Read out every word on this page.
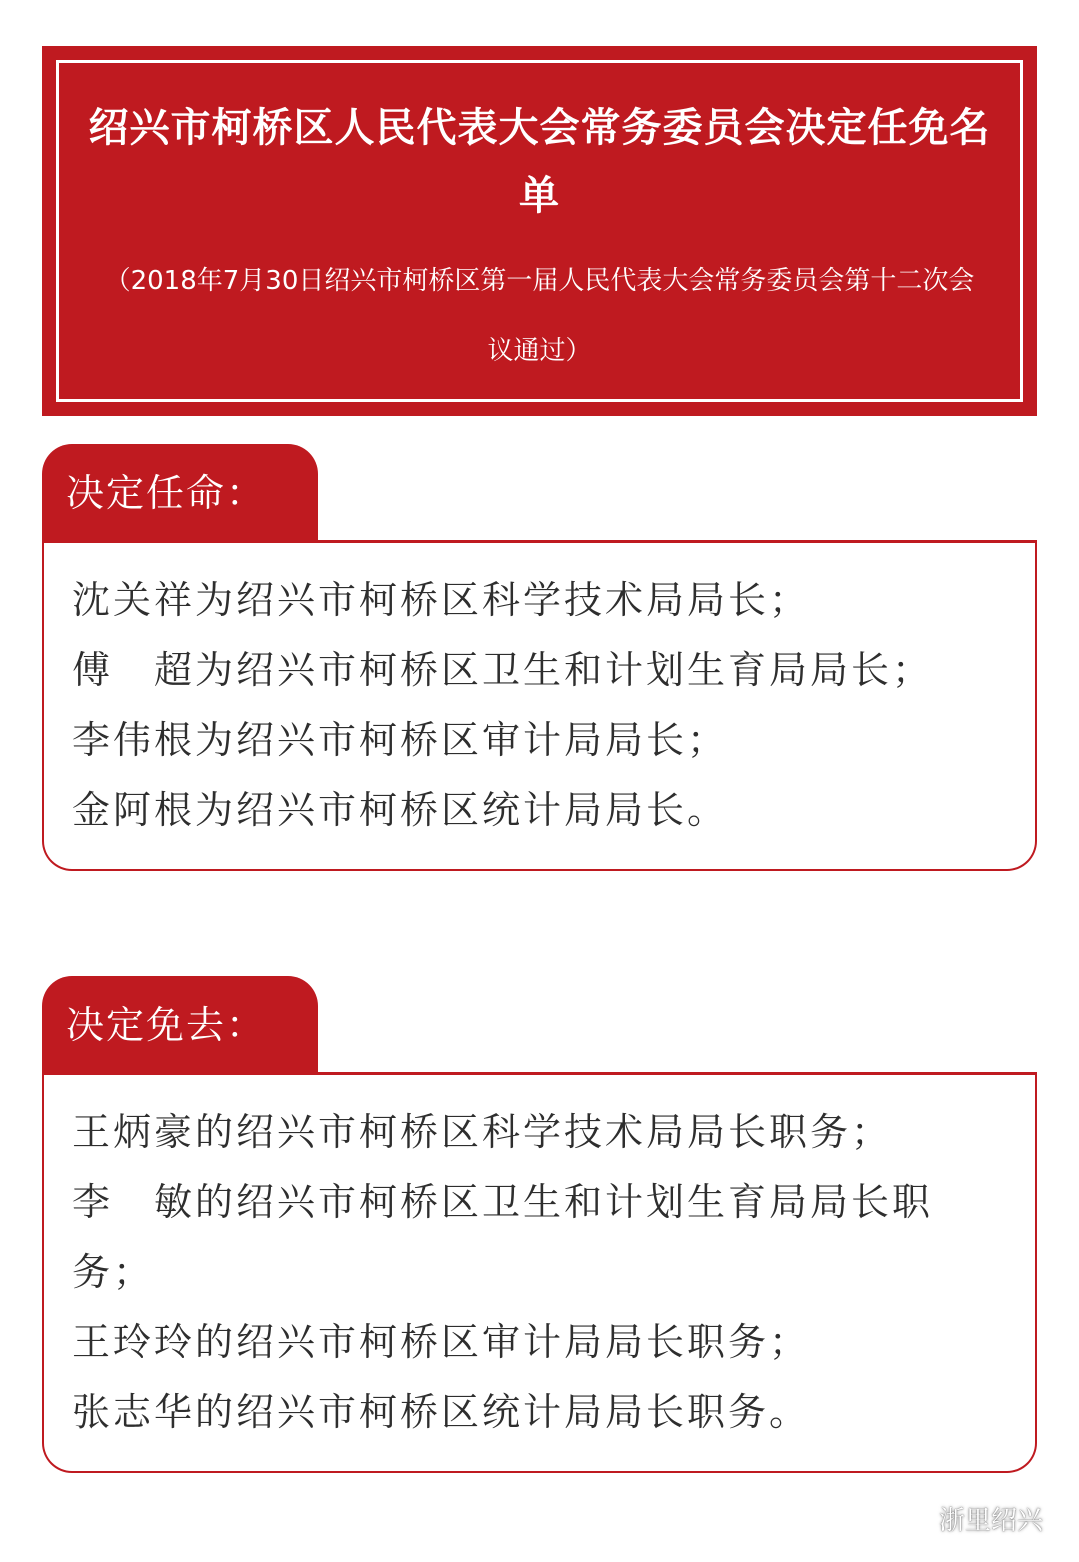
绍兴市柯桥区人民代表大会常务委员会决定任免名单

（2018年7月30日绍兴市柯桥区第一届人民代表大会常务委员会第十二次会议通过）

决定任命：

沈关祥为绍兴市柯桥区科学技术局局长；

傅　超为绍兴市柯桥区卫生和计划生育局局长；

李伟根为绍兴市柯桥区审计局局长；

金阿根为绍兴市柯桥区统计局局长。

决定免去：

王炳豪的绍兴市柯桥区科学技术局局长职务；

李　敏的绍兴市柯桥区卫生和计划生育局局长职务；

王玲玲的绍兴市柯桥区审计局局长职务；

张志华的绍兴市柯桥区统计局局长职务。

浙里绍兴
